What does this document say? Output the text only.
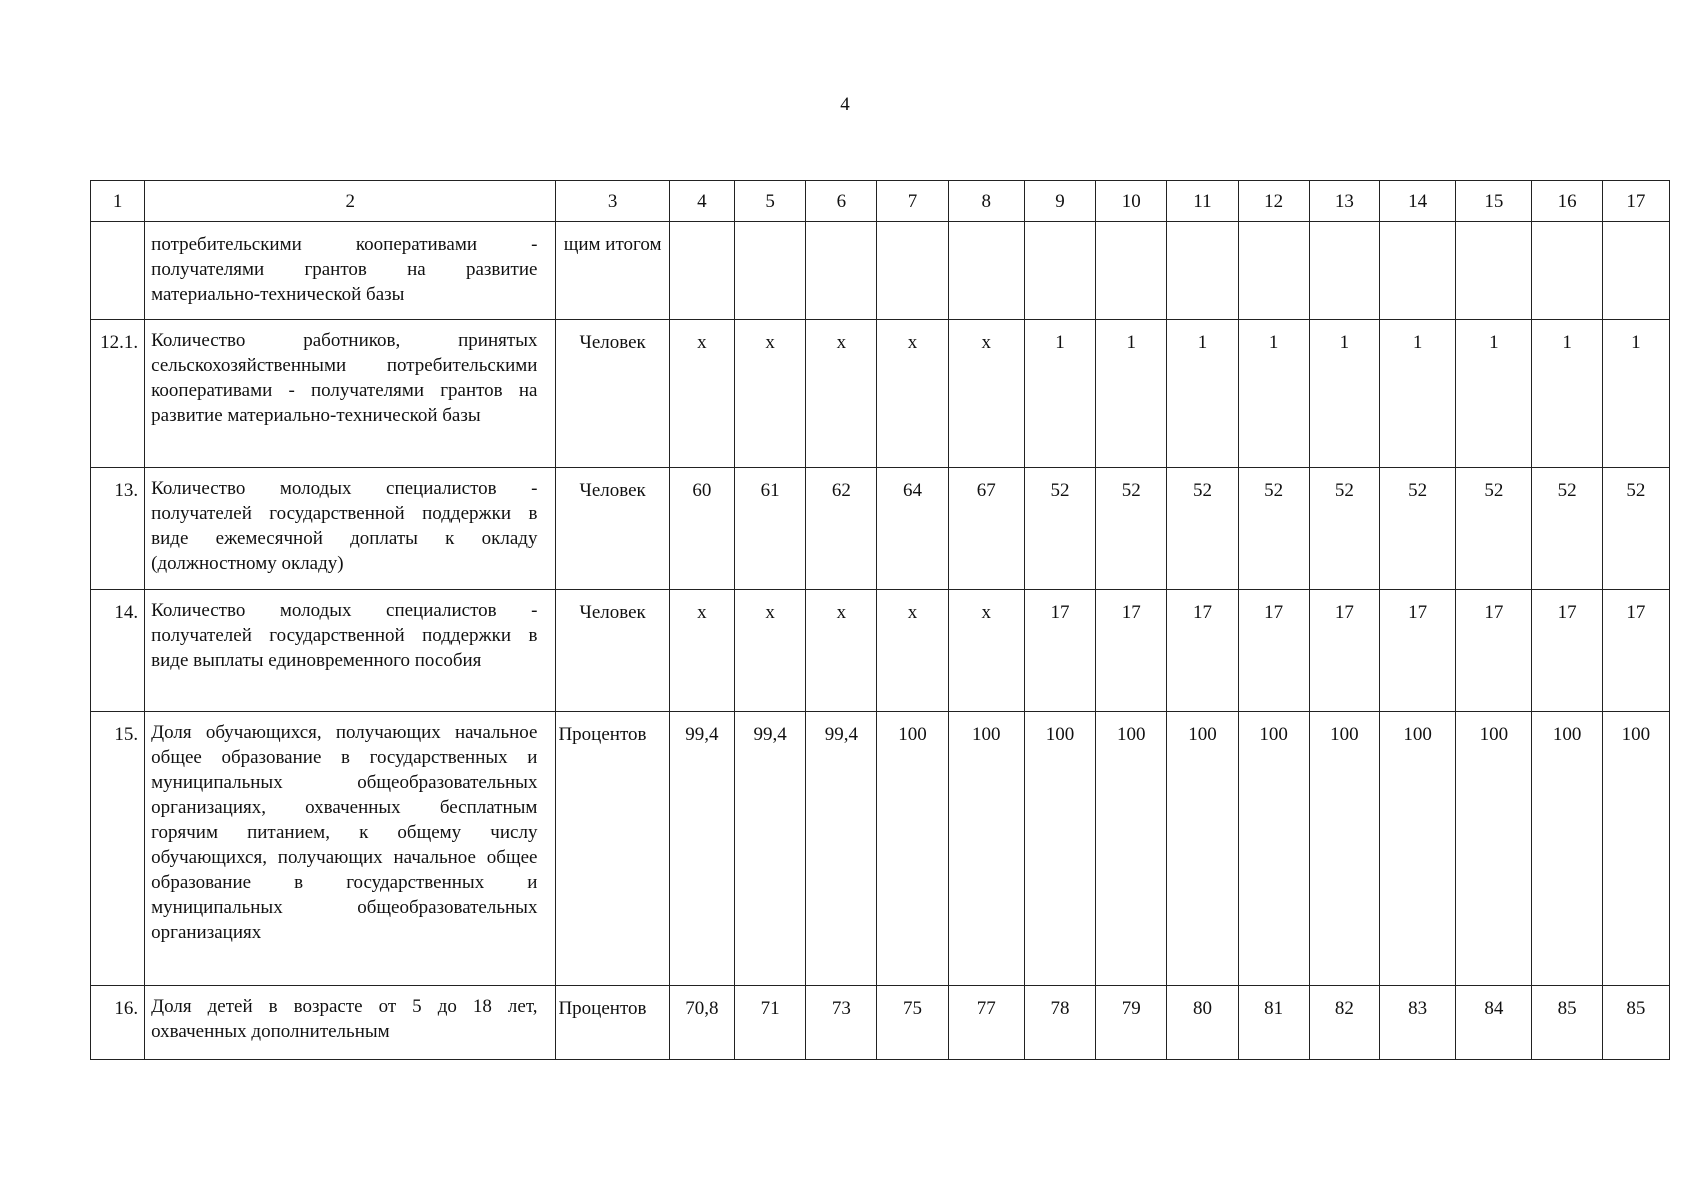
4
1	2	3	4	5	6	7	8	9	10	11	12	13	14	15	16	17
	потребительскими кооперативами - получателями грантов на развитие материально-технической базы	щим итогом														
12.1.	Количество работников, принятых сельскохозяйственными потребительскими кооперативами - получателями грантов на развитие материально-технической базы	Человек	х	х	х	х	х	1	1	1	1	1	1	1	1	1
13.	Количество молодых специалистов - получателей государственной поддержки в виде ежемесячной доплаты к окладу (должностному окладу)	Человек	60	61	62	64	67	52	52	52	52	52	52	52	52	52
14.	Количество молодых специалистов - получателей государственной поддержки в виде выплаты единовременного пособия	Человек	х	х	х	х	х	17	17	17	17	17	17	17	17	17
15.	Доля обучающихся, получающих начальное общее образование в государственных и муниципальных общеобразовательных организациях, охваченных бесплатным горячим питанием, к общему числу обучающихся, получающих начальное общее образование в государственных и муниципальных общеобразовательных организациях	Процентов	99,4	99,4	99,4	100	100	100	100	100	100	100	100	100	100	100
16.	Доля детей в возрасте от 5 до 18 лет, охваченных дополнительным	Процентов	70,8	71	73	75	77	78	79	80	81	82	83	84	85	85
